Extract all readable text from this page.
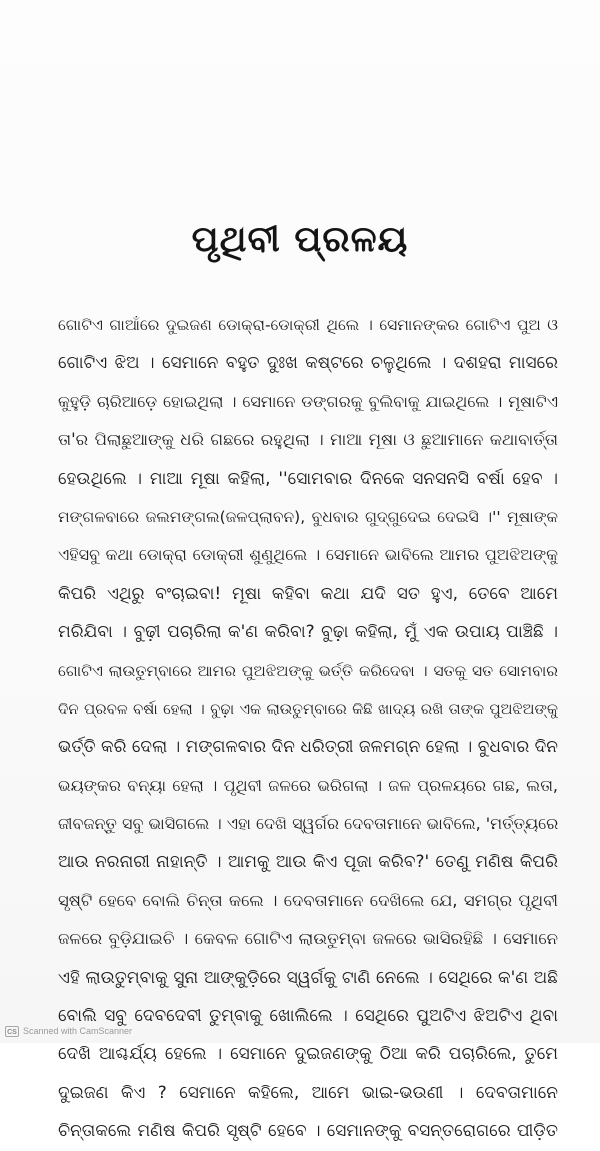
ପୃଥିବୀ ପ୍ରଳୟ
ଗୋଟିଏ ଗାଆଁରେ ଦୁଇଜଣ ଡୋକ୍ରା-ଡୋକ୍ରୀ ଥିଲେ । ସେମାନଙ୍କର ଗୋଟିଏ ପୁଅ ଓ
ଗୋଟିଏ ଝିଅ । ସେମାନେ ବହୁତ ଦୁଃଖ କଷ୍ଟରେ ଚଳୁଥିଲେ । ଦଶହରା ମାସରେ
କୁହୁଡ଼ି ଚାରିଆଡ଼େ ହୋଇଥିଲା । ସେମାନେ ଡଙ୍ଗରକୁ ବୁଲିବାକୁ ଯାଇଥିଲେ । ମୂଷାଟିଏ
ତା'ର ପିଲାଛୁଆଙ୍କୁ ଧରି ଗଛରେ ରହୁଥିଲା । ମାଆ ମୂଷା ଓ ଛୁଆମାନେ କଥାବାର୍ତ୍ତା
ହେଉଥିଲେ । ମାଆ ମୂଷା କହିଲା, ''ସୋମବାର ଦିନକେ ସନସନସି ବର୍ଷା ହେବ ।
ମଙ୍ଗଳବାରେ ଜଲମଙ୍ଗଲ(ଜଳପ୍ଲାବନ), ବୁଧବାର ଗୁଦ୍‌ଗୁଦେଇ ଦେଇସି ।'' ମୂଷାଙ୍କ
ଏହିସବୁ କଥା ଡୋକ୍ରା ଡୋକ୍ରୀ ଶୁଣୁଥିଲେ । ସେମାନେ ଭାବିଲେ ଆମର ପୁଅଝିଅଙ୍କୁ
କିପରି ଏଥିରୁ ବଂଚାଇବା! ମୂଷା କହିବା କଥା ଯଦି ସତ ହୁଏ, ତେବେ ଆମେ
ମରିଯିବା । ବୁଢ଼ୀ ପଚାରିଲା କ'ଣ କରିବା? ବୁଢ଼ା କହିଲା, ମୁଁ ଏକ ଉପାୟ ପାଞ୍ଚିଛି ।
ଗୋଟିଏ ଲାଉତୁମ୍ବାରେ ଆମର ପୁଅଝିଅଙ୍କୁ ଭର୍ତ୍ତି କରିଦେବା । ସତକୁ ସତ ସୋମବାର
ଦିନ ପ୍ରବଳ ବର୍ଷା ହେଲା । ବୁଢ଼ା ଏକ ଲାଉତୁମ୍ବାରେ କିଛି ଖାଦ୍ୟ ରଖି ତାଙ୍କ ପୁଅଝିଅଙ୍କୁ
ଭର୍ତ୍ତି କରି ଦେଲା । ମଙ୍ଗଳବାର ଦିନ ଧରିତ୍ରୀ ଜଳମଗ୍ନ ହେଲା । ବୁଧବାର ଦିନ
ଭୟଙ୍କର ବନ୍ୟା ହେଲା । ପୃଥିବୀ ଜଳରେ ଭରିଗଲା । ଜଳ ପ୍ରଳୟରେ ଗଛ, ଲତା,
ଜୀବଜନ୍ତୁ ସବୁ ଭାସିଗଲେ । ଏହା ଦେଖି ସ୍ୱର୍ଗର ଦେବତାମାନେ ଭାବିଲେ, 'ମର୍ତ୍ତ୍ୟରେ
ଆଉ ନରନାରୀ ନାହାନ୍ତି । ଆମକୁ ଆଉ କିଏ ପୂଜା କରିବ?' ତେଣୁ ମଣିଷ କିପରି
ସୃଷ୍ଟି ହେବେ ବୋଲି ଚିନ୍ତା କଲେ । ଦେବତାମାନେ ଦେଖିଲେ ଯେ, ସମଗ୍ର ପୃଥିବୀ
ଜଳରେ ବୁଡ଼ିଯାଇଚି । କେବଳ ଗୋଟିଏ ଲାଉତୁମ୍ବା ଜଳରେ ଭାସିରହିଛି । ସେମାନେ
ଏହି ଲାଉତୁମ୍ବାକୁ ସୁନା ଆଙ୍କୁଡ଼ିରେ ସ୍ୱର୍ଗକୁ ଟାଣି ନେଲେ । ସେଥିରେ କ'ଣ ଅଛି
ବୋଲି ସବୁ ଦେବଦେବୀ ତୁମ୍ବାକୁ ଖୋଲିଲେ । ସେଥିରେ ପୁଅଟିଏ ଝିଅଟିଏ ଥିବା
ଦେଖି ଆଶ୍ଚର୍ଯ୍ୟ ହେଲେ । ସେମାନେ ଦୁଇଜଣଙ୍କୁ ଠିଆ କରି ପଚାରିଲେ, ତୁମେ
ଦୁଇଜଣ କିଏ ? ସେମାନେ କହିଲେ, ଆମେ ଭାଇ-ଭଉଣୀ । ଦେବତାମାନେ
ଚିନ୍ତାକଲେ ମଣିଷ କିପରି ସୃଷ୍ଟି ହେବେ । ସେମାନଙ୍କୁ ବସନ୍ତରୋଗରେ ପୀଡ଼ିତ
CS Scanned with CamScanner
